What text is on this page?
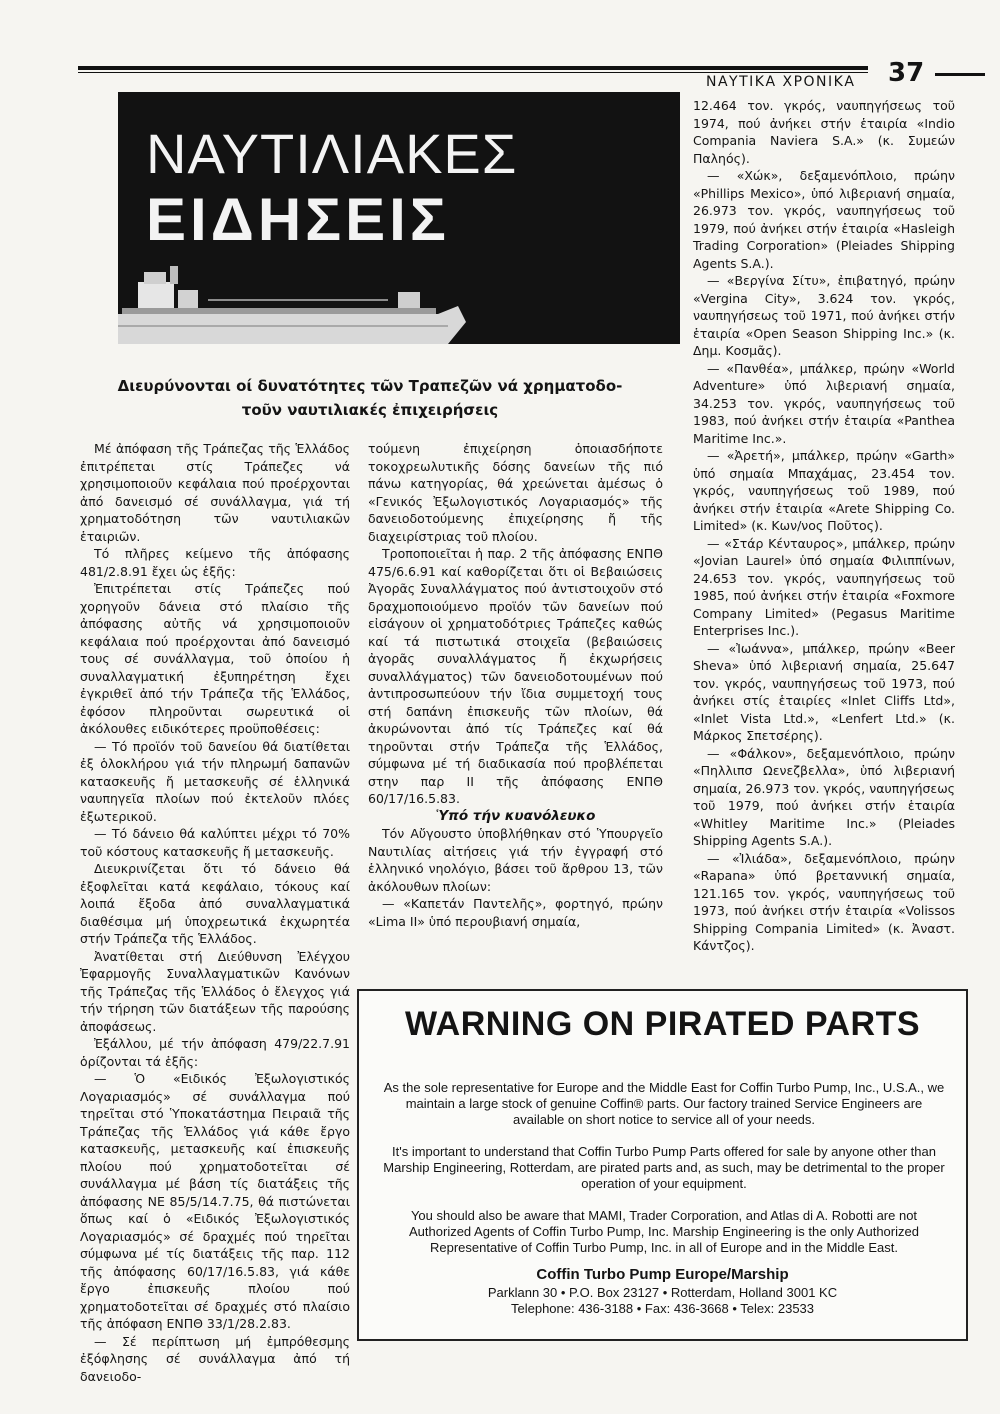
ΝΑΥΤΙΚΑ ΧΡΟΝΙΚΑ 37
ΝΑΥΤΙΛΙΑΚΕΣ
ΕΙΔΗΣΕΙΣ
Διευρύνονται οί δυνατότητες τῶν Τραπεζῶν νά χρηματοδο-
τοῦν ναυτιλιακές ἐπιχειρήσεις

Μέ ἀπόφαση τῆς Τράπεζας τῆς Ἑλλάδος ἐπιτρέπεται στίς Τράπεζες νά χρησιμοποιοῦν κεφάλαια πού προέρχονται ἀπό δανεισμό σέ συνάλλαγμα, γιά τή χρηματοδότηση τῶν ναυτιλιακῶν ἑταιριῶν.

Τό πλῆρες κείμενο τῆς ἀπόφασης 481/2.8.91 ἔχει ὡς ἑξῆς:

Ἐπιτρέπεται στίς Τράπεζες πού χορηγοῦν δάνεια στό πλαίσιο τῆς ἀπόφασης αὐτῆς νά χρησιμοποιοῦν κεφάλαια πού προέρχονται ἀπό δανεισμό τους σέ συνάλλαγμα, τοῦ ὁποίου ἡ συναλλαγματική ἐξυπηρέτηση ἔχει ἐγκριθεῖ ἀπό τήν Τράπεζα τῆς Ἑλλάδος, ἐφόσον πληροῦνται σωρευτικά οἱ ἀκόλουθες ειδικότερες προϋποθέσεις:

— Τό προϊόν τοῦ δανείου θά διατίθεται ἐξ ὁλοκλήρου γιά τήν πληρωμή δαπανῶν κατασκευῆς ἤ μετασκευῆς σέ ἑλληνικά ναυπηγεῖα πλοίων πού ἐκτελοῦν πλόες ἐξωτερικοῦ.

— Τό δάνειο θά καλύπτει μέχρι τό 70% τοῦ κόστους κατασκευῆς ἤ μετασκευῆς.

Διευκρινίζεται ὅτι τό δάνειο θά ἐξοφλεῖται κατά κεφάλαιο, τόκους καί λοιπά ἔξοδα ἀπό συναλλαγματικά διαθέσιμα μή ὑποχρεωτικά ἐκχωρητέα στήν Τράπεζα τῆς Ἑλλάδος.

Ἀνατίθεται στή Διεύθυνση Ἐλέγχου Ἐφαρμογῆς Συναλλαγματικῶν Κανόνων τῆς Τράπεζας τῆς Ἑλλάδος ὁ ἔλεγχος γιά τήν τήρηση τῶν διατάξεων τῆς παρούσης ἀποφάσεως.

Ἐξάλλου, μέ τήν ἀπόφαση 479/22.7.91 ὁρίζονται τά ἑξῆς:

— Ὁ «Ειδικός Ἐξωλογιστικός Λογαριασμός» σέ συνάλλαγμα πού τηρεῖται στό Ὑποκατάστημα Πειραιᾶ τῆς Τράπεζας τῆς Ἑλλάδος γιά κάθε ἔργο κατασκευῆς, μετασκευῆς καί ἐπισκευῆς πλοίου πού χρηματοδοτεῖται σέ συνάλλαγμα μέ βάση τίς διατάξεις τῆς ἀπόφασης ΝΕ 85/5/14.7.75, θά πιστώνεται ὅπως καί ὁ «Ειδικός Ἐξωλογιστικός Λογαριασμός» σέ δραχμές πού τηρεῖται σύμφωνα μέ τίς διατάξεις τῆς παρ. 112 τῆς ἀπόφασης 60/17/16.5.83, γιά κάθε ἔργο ἐπισκευῆς πλοίου πού χρηματοδοτεῖται σέ δραχμές στό πλαίσιο τῆς ἀπόφαση ΕΝΠΘ 33/1/28.2.83.

— Σέ περίπτωση μή ἐμπρόθεσμης ἐξόφλησης σέ συνάλλαγμα ἀπό τή δανειοδο-

τούμενη ἐπιχείρηση ὁποιασδήποτε τοκοχρεωλυτικῆς δόσης δανείων τῆς πιό πάνω κατηγορίας, θά χρεώνεται ἀμέσως ὁ «Γενικός Ἐξωλογιστικός Λογαριασμός» τῆς δανειοδοτούμενης ἐπιχείρησης ἤ τῆς διαχειρίστριας τοῦ πλοίου.

Τροποποιεῖται ἡ παρ. 2 τῆς ἀπόφασης ΕΝΠΘ 475/6.6.91 καί καθορίζεται ὅτι οἱ Βεβαιώσεις Ἀγορᾶς Συναλλάγματος πού ἀντιστοιχοῦν στό δραχμοποιούμενο προϊόν τῶν δανείων πού εἰσάγουν οἱ χρηματοδότριες Τράπεζες καθώς καί τά πιστωτικά στοιχεῖα (βεβαιώσεις ἀγορᾶς συναλλάγματος ἤ ἐκχωρήσεις συναλλάγματος) τῶν δανειοδοτουμένων πού ἀντιπροσωπεύουν τήν ἴδια συμμετοχή τους στή δαπάνη ἐπισκευῆς τῶν πλοίων, θά ἀκυρώνονται ἀπό τίς Τράπεζες καί θά τηροῦνται στήν Τράπεζα τῆς Ἑλλάδος, σύμφωνα μέ τή διαδικασία πού προβλέπεται στην παρ ΙΙ τῆς ἀπόφασης ΕΝΠΘ 60/17/16.5.83.

Ὑπό τήν κυανόλευκο

Τόν Αὔγουστο ὑποβλήθηκαν στό Ὑπουργεῖο Ναυτιλίας αἰτήσεις γιά τήν ἐγγραφή στό ἑλληνικό νηολόγιο, βάσει τοῦ ἄρθρου 13, τῶν ἀκόλουθων πλοίων:

— «Καπετάν Παντελῆς», φορτηγό, πρώην «Lima II» ὑπό περουβιανή σημαία,

12.464 τον. γκρός, ναυπηγήσεως τοῦ 1974, πού ἀνήκει στήν ἑταιρία «Indio Compania Naviera S.A.» (κ. Συμεών Παληός).

— «Χώκ», δεξαμενόπλοιο, πρώην «Phillips Mexico», ὑπό λιβεριανή σημαία, 26.973 τον. γκρός, ναυπηγήσεως τοῦ 1979, πού ἀνήκει στήν ἑταιρία «Hasleigh Trading Corporation» (Pleiades Shipping Agents S.A.).

— «Βεργίνα Σίτυ», ἐπιβατηγό, πρώην «Vergina City», 3.624 τον. γκρός, ναυπηγήσεως τοῦ 1971, πού ἀνήκει στήν ἑταιρία «Open Season Shipping Inc.» (κ. Δημ. Κοσμᾶς).

— «Πανθέα», μπάλκερ, πρώην «World Adventure» ὑπό λιβεριανή σημαία, 34.253 τον. γκρός, ναυπηγήσεως τοῦ 1983, πού ἀνήκει στήν ἑταιρία «Panthea Maritime Inc.».

— «Ἀρετή», μπάλκερ, πρώην «Garth» ὑπό σημαία Μπαχάμας, 23.454 τον. γκρός, ναυπηγήσεως τοῦ 1989, πού ἀνήκει στήν ἑταιρία «Arete Shipping Co. Limited» (κ. Κων/νος Ποῦτος).

— «Στάρ Κένταυρος», μπάλκερ, πρώην «Jovian Laurel» ὑπό σημαία Φιλιππίνων, 24.653 τον. γκρός, ναυπηγήσεως τοῦ 1985, πού ἀνήκει στήν ἑταιρία «Foxmore Company Limited» (Pegasus Maritime Enterprises Inc.).

— «Ἰωάννα», μπάλκερ, πρώην «Beer Sheva» ὑπό λιβεριανή σημαία, 25.647 τον. γκρός, ναυπηγήσεως τοῦ 1973, πού ἀνήκει στίς ἑταιρίες «Inlet Cliffs Ltd», «Inlet Vista Ltd.», «Lenfert Ltd.» (κ. Μάρκος Σπετσέρης).

— «Φάλκον», δεξαμενόπλοιο, πρώην «Πηλλιπσ Ωενεζβελλα», ὑπό λιβεριανή σημαία, 26.973 τον. γκρός, ναυπηγήσεως τοῦ 1979, πού ἀνήκει στήν ἑταιρία «Whitley Maritime Inc.» (Pleiades Shipping Agents S.A.).

— «Ἰλιάδα», δεξαμενόπλοιο, πρώην «Rapana» ὑπό βρεταννική σημαία, 121.165 τον. γκρός, ναυπηγήσεως τοῦ 1973, πού ἀνήκει στήν ἑταιρία «Volissos Shipping Compania Limited» (κ. Ἀναστ. Κάντζος).

WARNING ON PIRATED PARTS

As the sole representative for Europe and the Middle East for Coffin Turbo Pump, Inc., U.S.A., we maintain a large stock of genuine Coffin® parts. Our factory trained Service Engineers are available on short notice to service all of your needs.

It's important to understand that Coffin Turbo Pump Parts offered for sale by anyone other than Marship Engineering, Rotterdam, are pirated parts and, as such, may be detrimental to the proper operation of your equipment.

You should also be aware that MAMI, Trader Corporation, and Atlas di A. Robotti are not Authorized Agents of Coffin Turbo Pump, Inc. Marship Engineering is the only Authorized Representative of Coffin Turbo Pump, Inc. in all of Europe and in the Middle East.

Coffin Turbo Pump Europe/Marship
Parklann 30 • P.O. Box 23127 • Rotterdam, Holland 3001 KC
Telephone: 436-3188 • Fax: 436-3668 • Telex: 23533
